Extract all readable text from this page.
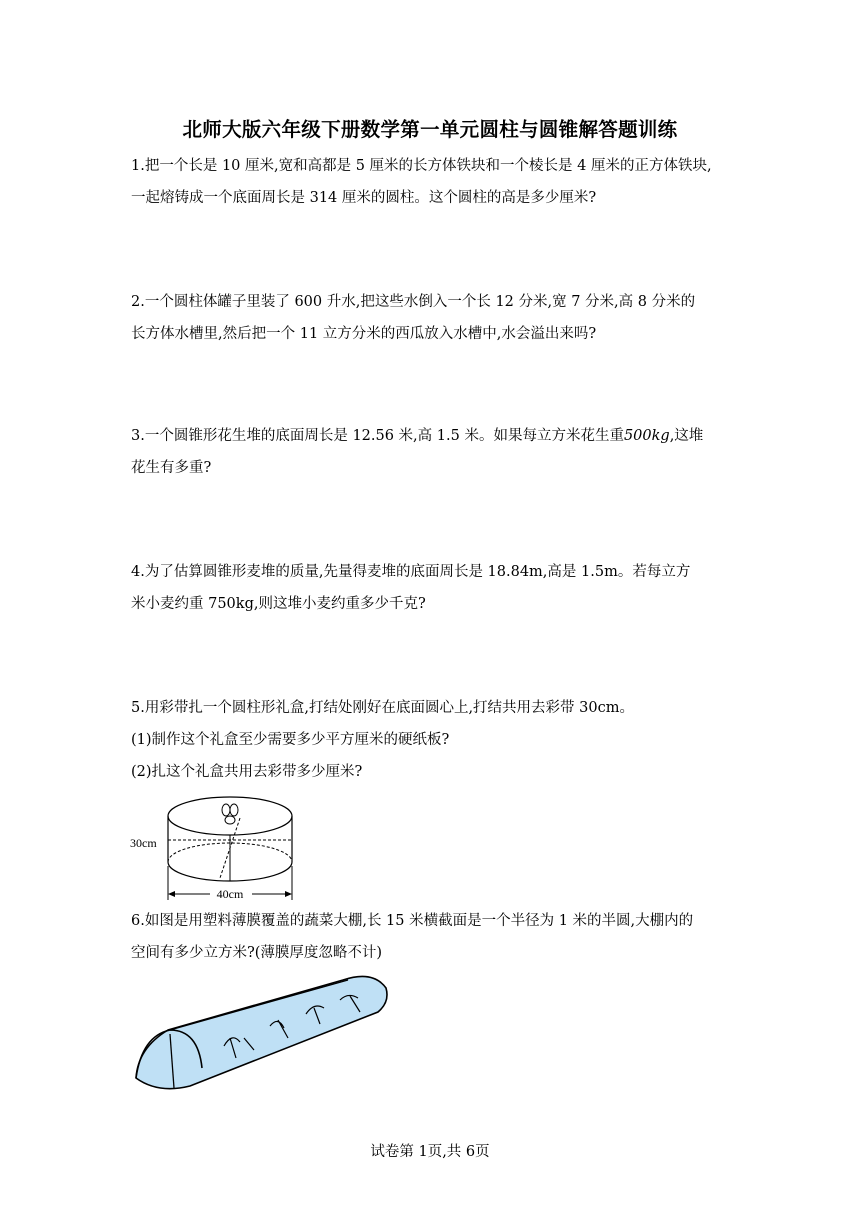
北师大版六年级下册数学第一单元圆柱与圆锥解答题训练

1.把一个长是 10 厘米,宽和高都是 5 厘米的长方体铁块和一个棱长是 4 厘米的正方体铁块,

一起熔铸成一个底面周长是 314 厘米的圆柱。这个圆柱的高是多少厘米?

2.一个圆柱体罐子里装了 600 升水,把这些水倒入一个长 12 分米,宽 7 分米,高 8 分米的

长方体水槽里,然后把一个 11 立方分米的西瓜放入水槽中,水会溢出来吗?

3.一个圆锥形花生堆的底面周长是 12.56 米,高 1.5 米。如果每立方米花生重500kg,这堆

花生有多重?

4.为了估算圆锥形麦堆的质量,先量得麦堆的底面周长是 18.84m,高是 1.5m。若每立方

米小麦约重 750kg,则这堆小麦约重多少千克?

5.用彩带扎一个圆柱形礼盒,打结处刚好在底面圆心上,打结共用去彩带 30cm。

(1)制作这个礼盒至少需要多少平方厘米的硬纸板?

(2)扎这个礼盒共用去彩带多少厘米?

40cm
30cm

6.如图是用塑料薄膜覆盖的蔬菜大棚,长 15 米横截面是一个半径为 1 米的半圆,大棚内的

空间有多少立方米?(薄膜厚度忽略不计)

试卷第 1页,共 6页
